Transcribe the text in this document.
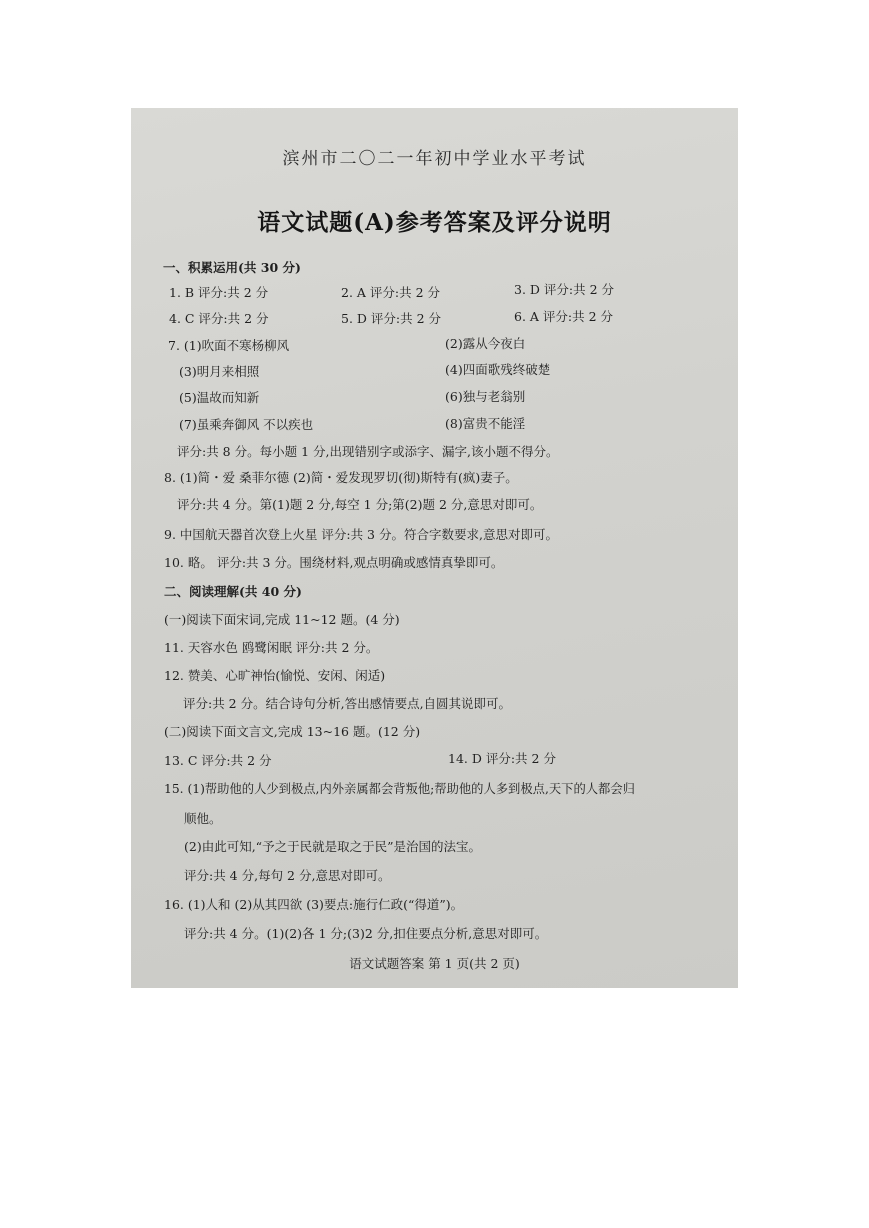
滨州市二〇二一年初中学业水平考试
语文试题(A)参考答案及评分说明
一、积累运用(共 30 分)
1. B 评分:共 2 分	2. A 评分:共 2 分	3. D 评分:共 2 分
4. C 评分:共 2 分	5. D 评分:共 2 分	6. A 评分:共 2 分
7. (1)吹面不寒杨柳风	(2)露从今夜白
(3)明月来相照	(4)四面歌残终破楚
(5)温故而知新	(6)独与老翁别
(7)虽乘奔御风 不以疾也	(8)富贵不能淫
评分:共 8 分。每小题 1 分,出现错别字或添字、漏字,该小题不得分。
8. (1)简・爱 桑菲尔德 (2)简・爱发现罗切(彻)斯特有(疯)妻子。
评分:共 4 分。第(1)题 2 分,每空 1 分;第(2)题 2 分,意思对即可。
9. 中国航天器首次登上火星 评分:共 3 分。符合字数要求,意思对即可。
10. 略。 评分:共 3 分。围绕材料,观点明确或感情真挚即可。
二、阅读理解(共 40 分)
(一)阅读下面宋词,完成 11~12 题。(4 分)
11. 天容水色 鸥鹭闲眠 评分:共 2 分。
12. 赞美、心旷神怡(愉悦、安闲、闲适)
评分:共 2 分。结合诗句分析,答出感情要点,自圆其说即可。
(二)阅读下面文言文,完成 13~16 题。(12 分)
13. C 评分:共 2 分	14. D 评分:共 2 分
15. (1)帮助他的人少到极点,内外亲属都会背叛他;帮助他的人多到极点,天下的人都会归
顺他。
(2)由此可知,“予之于民就是取之于民”是治国的法宝。
评分:共 4 分,每句 2 分,意思对即可。
16. (1)人和 (2)从其四欲 (3)要点:施行仁政(“得道”)。
评分:共 4 分。(1)(2)各 1 分;(3)2 分,扣住要点分析,意思对即可。
语文试题答案 第 1 页(共 2 页)
